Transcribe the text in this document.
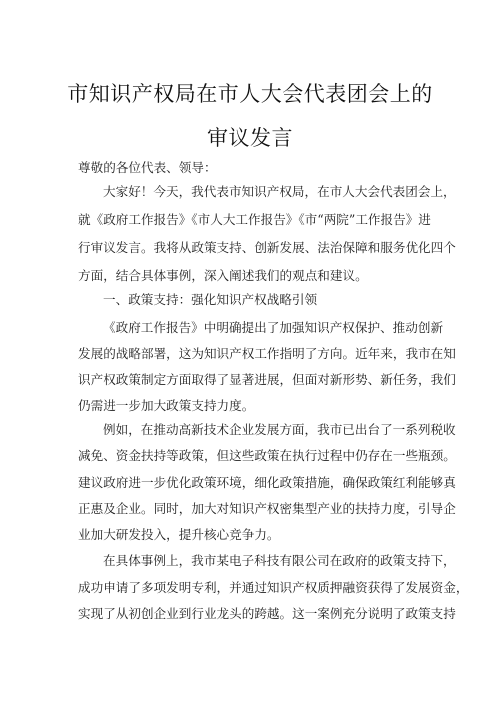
市知识产权局在市人大会代表团会上的
审议发言
尊敬的各位代表、领导：
大家好！今天，我代表市知识产权局，在市人大会代表团会上，
就《政府工作报告》《市人大工作报告》《市“两院”工作报告》进
行审议发言。我将从政策支持、创新发展、法治保障和服务优化四个
方面，结合具体事例，深入阐述我们的观点和建议。
一、政策支持：强化知识产权战略引领
《政府工作报告》中明确提出了加强知识产权保护、推动创新
发展的战略部署，这为知识产权工作指明了方向。近年来，我市在知
识产权政策制定方面取得了显著进展，但面对新形势、新任务，我们
仍需进一步加大政策支持力度。
例如，在推动高新技术企业发展方面，我市已出台了一系列税收
减免、资金扶持等政策，但这些政策在执行过程中仍存在一些瓶颈。
建议政府进一步优化政策环境，细化政策措施，确保政策红利能够真
正惠及企业。同时，加大对知识产权密集型产业的扶持力度，引导企
业加大研发投入，提升核心竞争力。
在具体事例上，我市某电子科技有限公司在政府的政策支持下，
成功申请了多项发明专利，并通过知识产权质押融资获得了发展资金，
实现了从初创企业到行业龙头的跨越。这一案例充分说明了政策支持
